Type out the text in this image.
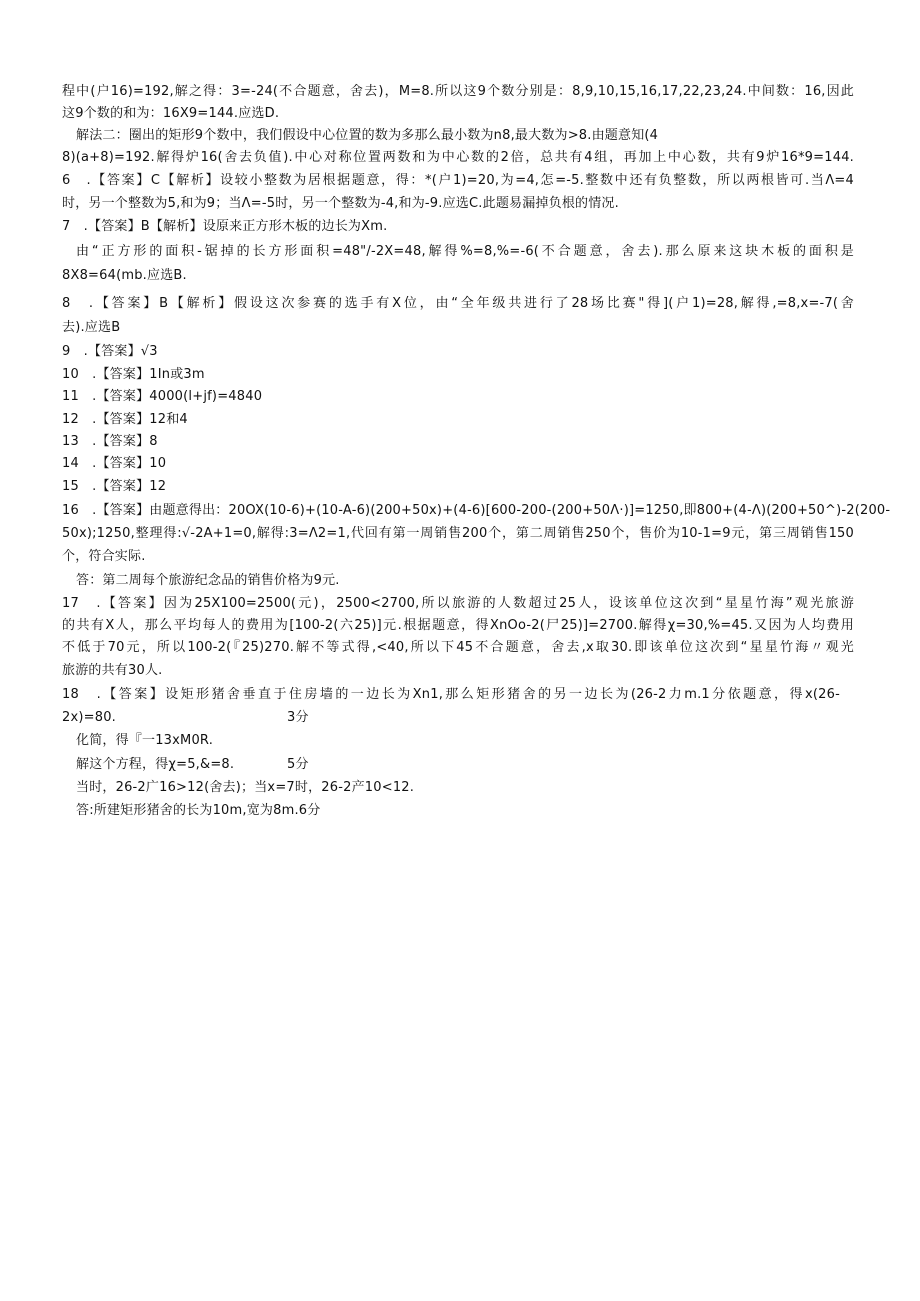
程中(户16)=192,解之得：3=-24(不合题意，舍去)，M=8.所以这9个数分别是：8,9,10,15,16,17,22,23,24.中间数：16,因此
这9个数的和为：16X9=144.应选D.
解法二：圈出的矩形9个数中，我们假设中心位置的数为多那么最小数为n8,最大数为>8.由题意知(4
8)(a+8)=192.解得炉16(舍去负值).中心对称位置两数和为中心数的2倍，总共有4组，再加上中心数，共有9炉16*9=144.
6　.【答案】C【解析】设较小整数为居根据题意，得：*(户1)=20,为=4,怎=-5.整数中还有负整数，所以两根皆可.当Λ=4
时，另一个整数为5,和为9；当Λ=-5时，另一个整数为-4,和为-9.应选C.此题易漏掉负根的情况.
7　.【答案】B【解析】设原来正方形木板的边长为Xm.
由“正方形的面积-锯掉的长方形面积=48"/-2X=48,解得%=8,%=-6(不合题意，舍去).那么原来这块木板的面积是
8X8=64(mb.应选B.
8　.【答案】B【解析】假设这次参赛的选手有X位，由“全年级共进行了28场比赛"得](户1)=28,解得,=8,x=-7(舍
去).应选B
9　.【答案】√3
10　.【答案】1In或3m
11　.【答案】4000(l+jf)=4840
12　.【答案】12和4
13　.【答案】8
14　.【答案】10
15　.【答案】12
16　.【答案】由题意得出：20OX(10-6)+(10-A-6)(200+50x)+(4-6)[600-200-(200+50Λ·)]=1250,即800+(4-Λ)(200+50^)-2(200-
50x);1250,整理得:√-2A+1=0,解得:3=Λ2=1,代回有第一周销售200个，第二周销售250个，售价为10-1=9元，第三周销售150
个，符合实际.
答：第二周每个旅游纪念品的销售价格为9元.
17　.【答案】因为25X100=2500(元)，2500<2700,所以旅游的人数超过25人，设该单位这次到“星星竹海”观光旅游
的共有X人，那么平均每人的费用为[100-2(六25)]元.根据题意，得XnOo-2(尸25)]=2700.解得χ=30,%=45.又因为人均费用
不低于70元，所以100-2(『25)270.解不等式得,<40,所以下45不合题意，舍去,x取30.即该单位这次到“星星竹海〃观光
旅游的共有30人.
18　.【答案】设矩形猪舍垂直于住房墙的一边长为Xn1,那么矩形猪舍的另一边长为(26-2力m.1分依题意，得x(26-
2x)=80.	3分
化简，得『一13xM0R.
解这个方程，得χ=5,&=8.	5分
当时，26-2广16>12(舍去)；当x=7时，26-2产10<12.
答:所建矩形猪舍的长为10m,宽为8m.6分
